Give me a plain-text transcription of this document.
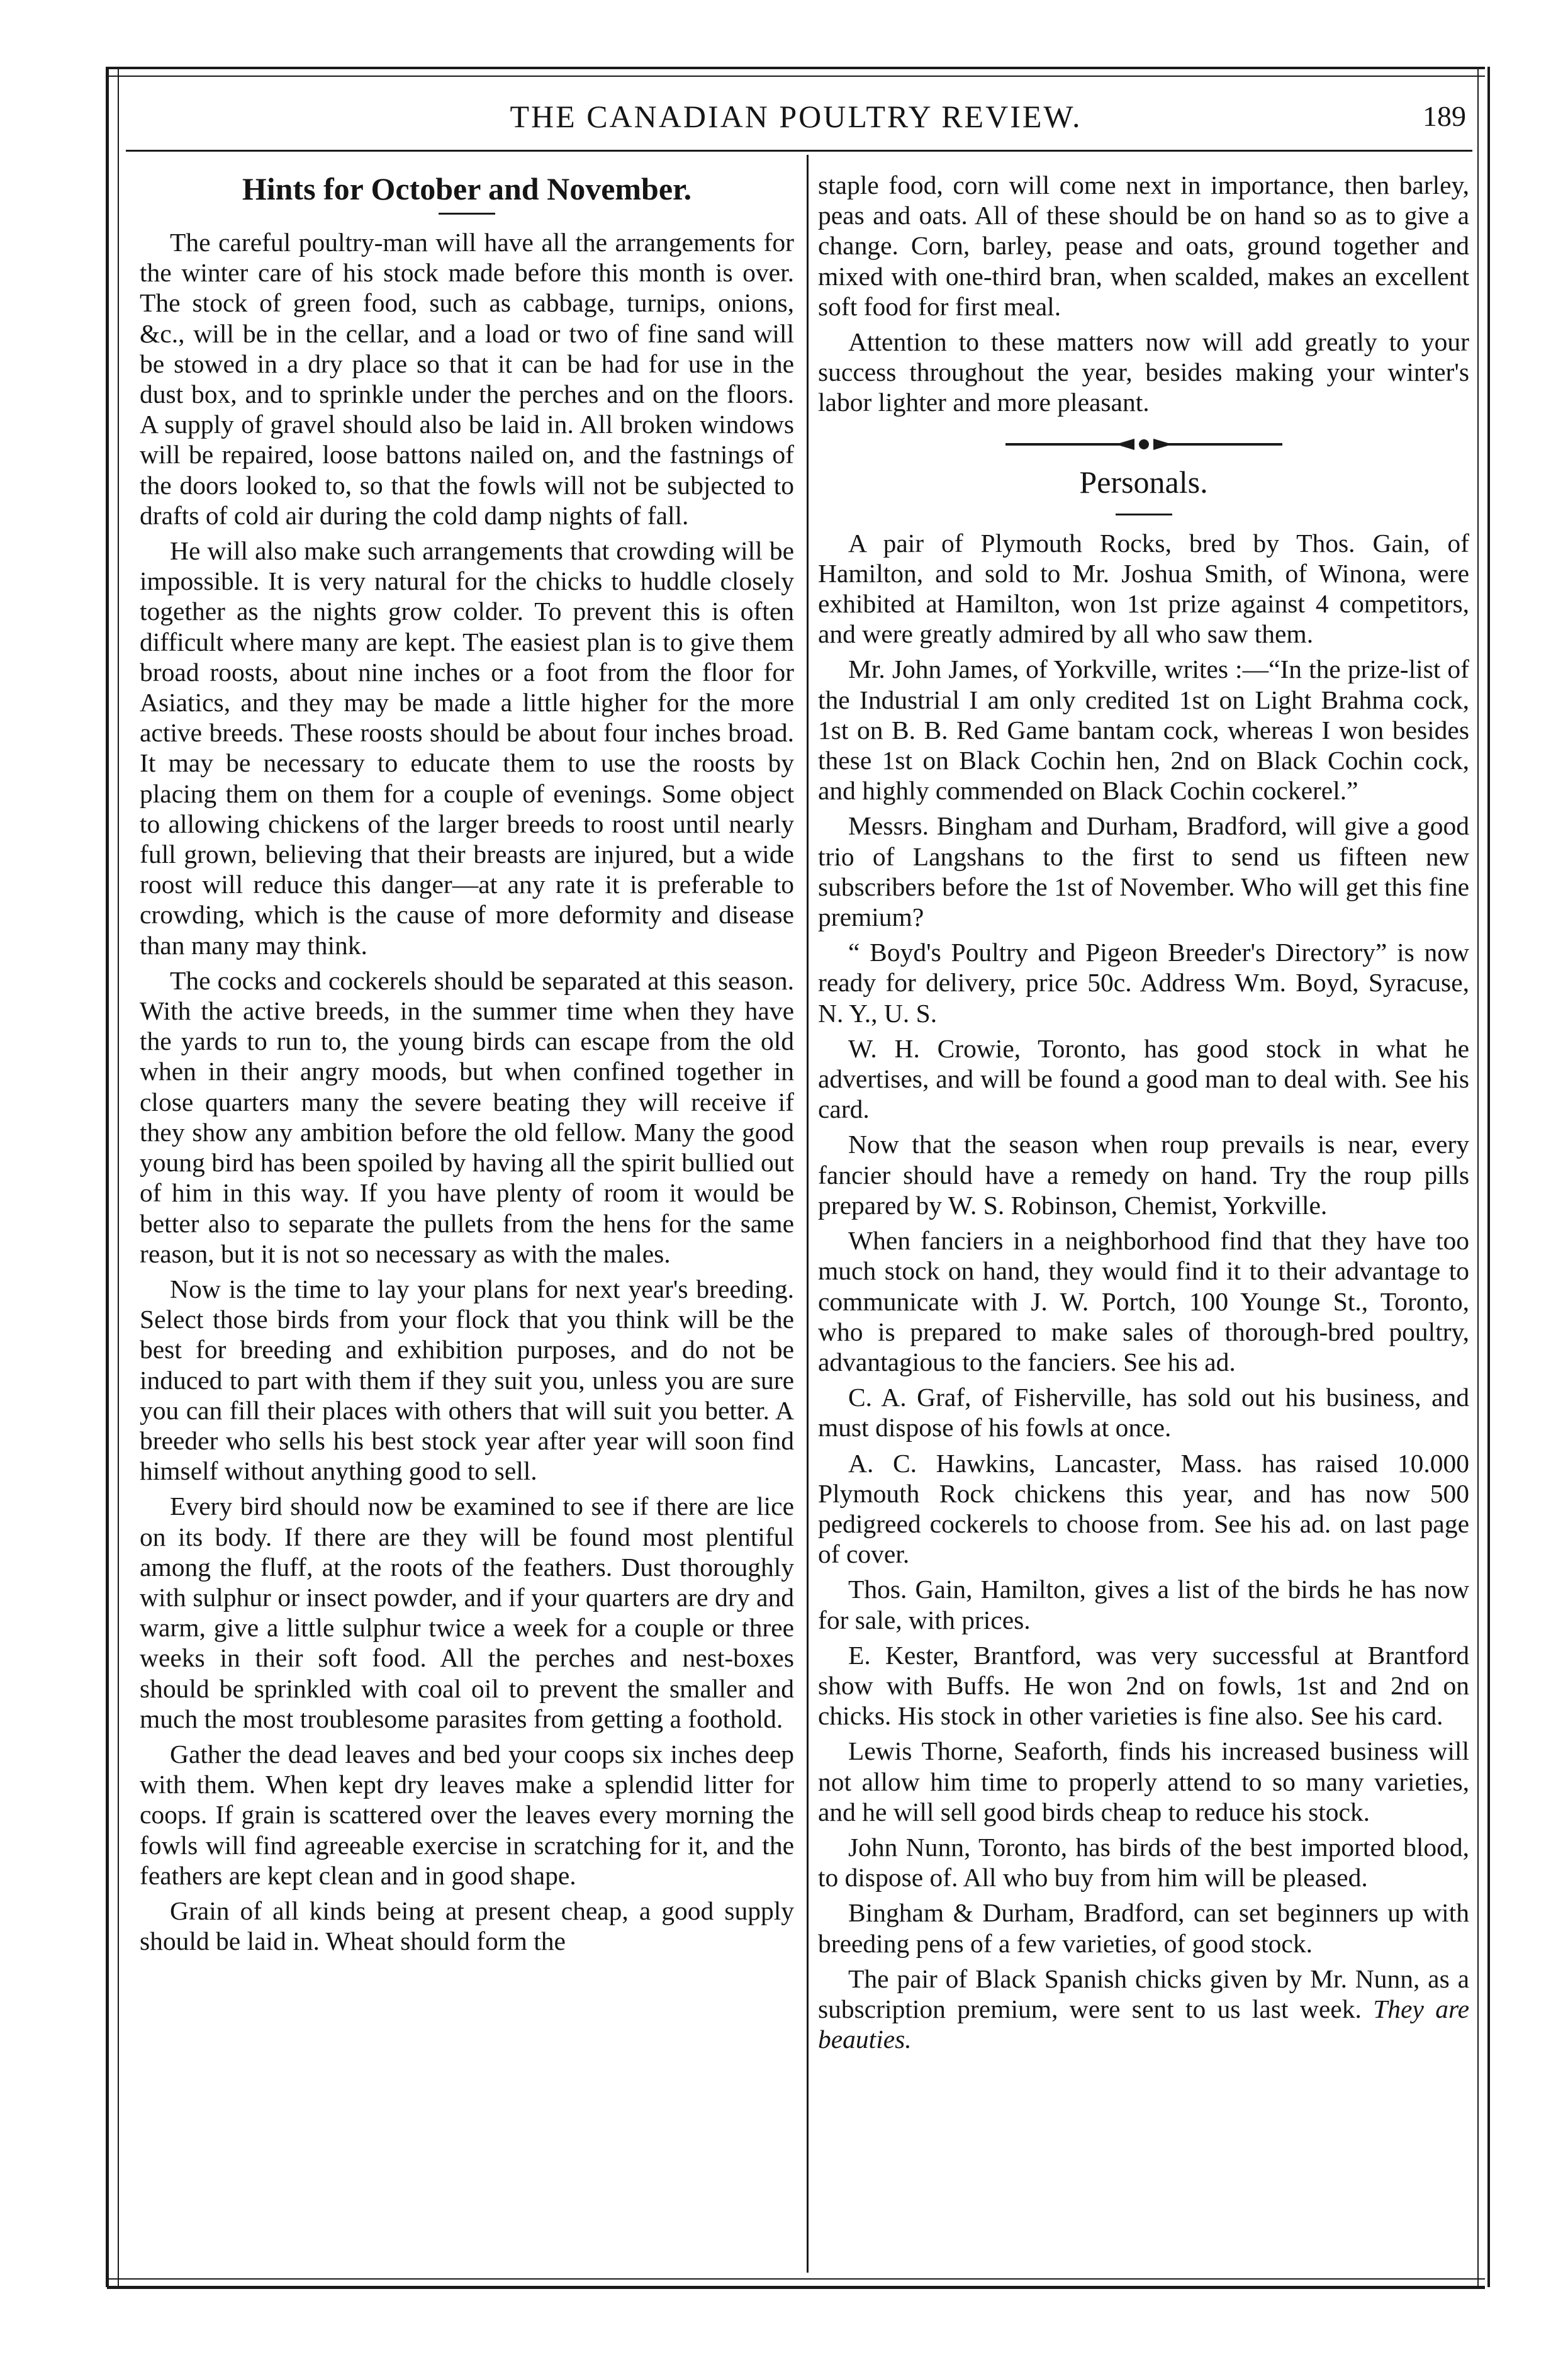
THE CANADIAN POULTRY REVIEW.	189
Hints for October and November.

The careful poultry-man will have all the arrangements for the winter care of his stock made before this month is over. The stock of green food, such as cabbage, turnips, onions, &c., will be in the cellar, and a load or two of fine sand will be stowed in a dry place so that it can be had for use in the dust box, and to sprinkle under the perches and on the floors. A supply of gravel should also be laid in. All broken windows will be repaired, loose battons nailed on, and the fastnings of the doors looked to, so that the fowls will not be subjected to drafts of cold air during the cold damp nights of fall.

He will also make such arrangements that crowding will be impossible. It is very natural for the chicks to huddle closely together as the nights grow colder. To prevent this is often difficult where many are kept. The easiest plan is to give them broad roosts, about nine inches or a foot from the floor for Asiatics, and they may be made a little higher for the more active breeds. These roosts should be about four inches broad. It may be necessary to educate them to use the roosts by placing them on them for a couple of evenings. Some object to allowing chickens of the larger breeds to roost until nearly full grown, believing that their breasts are injured, but a wide roost will reduce this danger—at any rate it is preferable to crowding, which is the cause of more deformity and disease than many may think.

The cocks and cockerels should be separated at this season. With the active breeds, in the summer time when they have the yards to run to, the young birds can escape from the old when in their angry moods, but when confined together in close quarters many the severe beating they will receive if they show any ambition before the old fellow. Many the good young bird has been spoiled by having all the spirit bullied out of him in this way. If you have plenty of room it would be better also to separate the pullets from the hens for the same reason, but it is not so necessary as with the males.

Now is the time to lay your plans for next year's breeding. Select those birds from your flock that you think will be the best for breeding and exhibition purposes, and do not be induced to part with them if they suit you, unless you are sure you can fill their places with others that will suit you better. A breeder who sells his best stock year after year will soon find himself without anything good to sell.

Every bird should now be examined to see if there are lice on its body. If there are they will be found most plentiful among the fluff, at the roots of the feathers. Dust thoroughly with sulphur or insect powder, and if your quarters are dry and warm, give a little sulphur twice a week for a couple or three weeks in their soft food. All the perches and nest-boxes should be sprinkled with coal oil to prevent the smaller and much the most troublesome parasites from getting a foothold.

Gather the dead leaves and bed your coops six inches deep with them. When kept dry leaves make a splendid litter for coops. If grain is scattered over the leaves every morning the fowls will find agreeable exercise in scratching for it, and the feathers are kept clean and in good shape.

Grain of all kinds being at present cheap, a good supply should be laid in. Wheat should form the

staple food, corn will come next in importance, then barley, peas and oats. All of these should be on hand so as to give a change. Corn, barley, pease and oats, ground together and mixed with one-third bran, when scalded, makes an excellent soft food for first meal.

Attention to these matters now will add greatly to your success throughout the year, besides making your winter's labor lighter and more pleasant.

Personals.

A pair of Plymouth Rocks, bred by Thos. Gain, of Hamilton, and sold to Mr. Joshua Smith, of Winona, were exhibited at Hamilton, won 1st prize against 4 competitors, and were greatly admired by all who saw them.

Mr. John James, of Yorkville, writes :—“In the prize-list of the Industrial I am only credited 1st on Light Brahma cock, 1st on B. B. Red Game bantam cock, whereas I won besides these 1st on Black Cochin hen, 2nd on Black Cochin cock, and highly commended on Black Cochin cockerel.”

Messrs. Bingham and Durham, Bradford, will give a good trio of Langshans to the first to send us fifteen new subscribers before the 1st of November. Who will get this fine premium?

“ Boyd's Poultry and Pigeon Breeder's Directory” is now ready for delivery, price 50c. Address Wm. Boyd, Syracuse, N. Y., U. S.

W. H. Crowie, Toronto, has good stock in what he advertises, and will be found a good man to deal with. See his card.

Now that the season when roup prevails is near, every fancier should have a remedy on hand. Try the roup pills prepared by W. S. Robinson, Chemist, Yorkville.

When fanciers in a neighborhood find that they have too much stock on hand, they would find it to their advantage to communicate with J. W. Portch, 100 Younge St., Toronto, who is prepared to make sales of thorough-bred poultry, advantagious to the fanciers. See his ad.

C. A. Graf, of Fisherville, has sold out his business, and must dispose of his fowls at once.

A. C. Hawkins, Lancaster, Mass. has raised 10.000 Plymouth Rock chickens this year, and has now 500 pedigreed cockerels to choose from. See his ad. on last page of cover.

Thos. Gain, Hamilton, gives a list of the birds he has now for sale, with prices.

E. Kester, Brantford, was very successful at Brantford show with Buffs. He won 2nd on fowls, 1st and 2nd on chicks. His stock in other varieties is fine also. See his card.

Lewis Thorne, Seaforth, finds his increased business will not allow him time to properly attend to so many varieties, and he will sell good birds cheap to reduce his stock.

John Nunn, Toronto, has birds of the best imported blood, to dispose of. All who buy from him will be pleased.

Bingham & Durham, Bradford, can set beginners up with breeding pens of a few varieties, of good stock.

The pair of Black Spanish chicks given by Mr. Nunn, as a subscription premium, were sent to us last week. They are beauties.
